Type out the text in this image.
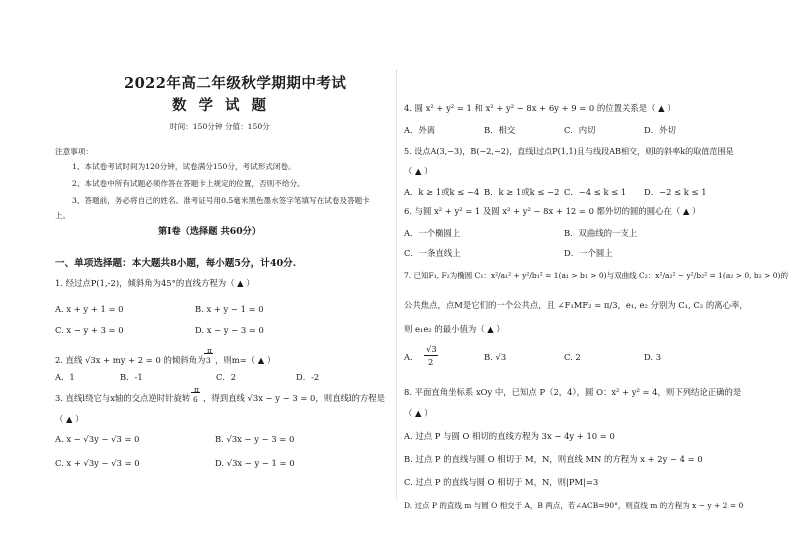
2022年高二年级秋学期期中考试
数学试题
时间：150分钟 分值：150分
注意事项：
1、本试卷考试时间为120分钟，试卷满分150分，考试形式闭卷。
2、本试卷中所有试题必须作答在答题卡上规定的位置，否则不给分。
3、答题前，务必将自己的姓名、准考证号用0.5毫米黑色墨水签字笔填写在试卷及答题卡
上。
第Ⅰ卷（选择题 共60分）
一、单项选择题：本大题共8小题，每小题5分，计40分.
1. 经过点P(1,-2)，倾斜角为45°的直线方程为（ ▲ ）
A. x + y + 1 = 0	B. x + y − 1 = 0
C. x − y + 3 = 0	D. x − y − 3 = 0
2. 直线 √3x + my + 2 = 0 的倾斜角为
π
3 ，则m=（ ▲ ）
A．1	B．-1	C．2	D．-2
3. 直线l绕它与x轴的交点逆时针旋转
π
6 ，得到直线 √3x − y − 3 = 0，则直线l的方程是
（ ▲ ）
A. x − √3y − √3 = 0	B. √3x − y − 3 = 0
C. x + √3y − √3 = 0	D. √3x − y − 1 = 0
4. 圆 x² + y² = 1 和 x² + y² − 8x + 6y + 9 = 0 的位置关系是（ ▲ ）
A．外离	B．相交	C．内切	D．外切
5. 设点A(3,−3)，B(−2,−2)，直线l过点P(1,1)且与线段AB相交，则l的斜率k的取值范围是
（ ▲ ）
A．k ≥ 1或k ≤ −4 B．k ≥ 1或k ≤ −2 C．−4 ≤ k ≤ 1 D．−2 ≤ k ≤ 1
6. 与圆 x² + y² = 1 及圆 x² + y² − 8x + 12 = 0 都外切的圆的圆心在（ ▲ ）
A．一个椭圆上	B．双曲线的一支上
C．一条直线上	D．一个圆上
7. 已知F₁, F₂为椭圆 C₁：x²/a₁² + y²/b₁² = 1(a₁ > b₁ > 0)与双曲线 C₂：x²/a₂² − y²/b₂² = 1(a₂ > 0, b₂ > 0)的
公共焦点，点M是它们的一个公共点，且 ∠F₁MF₂ = π/3，e₁, e₂ 分别为 C₁, C₂ 的离心率，
则 e₁e₂ 的最小值为（ ▲ ）
A.
√3
2	B. √3	C. 2	D. 3
8. 平面直角坐标系 xOy 中，已知点 P（2，4），圆 O：x² + y² = 4，则下列结论正确的是
（ ▲ ）
A. 过点 P 与圆 O 相切的直线方程为 3x − 4y + 10 = 0
B. 过点 P 的直线与圆 O 相切于 M，N，则直线 MN 的方程为 x + 2y − 4 = 0
C. 过点 P 的直线与圆 O 相切于 M，N，则|PM|=3
D. 过点 P 的直线 m 与圆 O 相交于 A，B 两点，若∠ACB=90°，则直线 m 的方程为 x − y + 2 = 0
